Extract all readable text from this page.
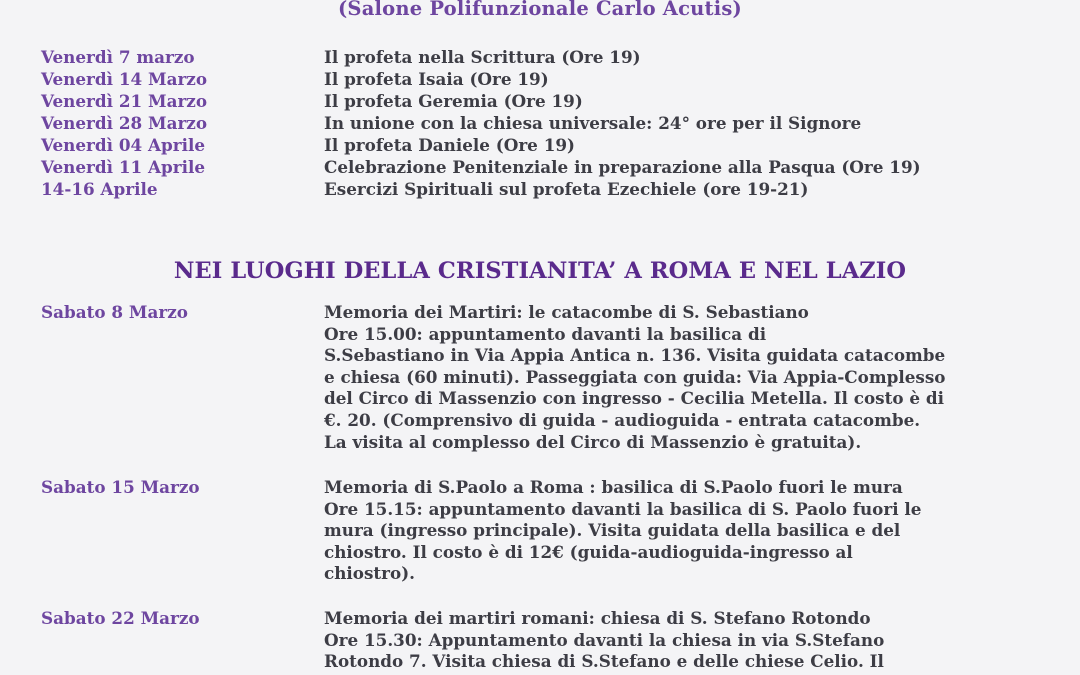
(Salone Polifunzionale Carlo Acutis)
Venerdì 7 marzo	Il profeta nella Scrittura (Ore 19)
Venerdì 14 Marzo	Il profeta Isaia (Ore 19)
Venerdì 21 Marzo	Il profeta Geremia (Ore 19)
Venerdì 28 Marzo	In unione con la chiesa universale: 24° ore per il Signore
Venerdì 04 Aprile	Il profeta Daniele (Ore 19)
Venerdì 11 Aprile	Celebrazione Penitenziale in preparazione alla Pasqua (Ore 19)
14-16 Aprile	Esercizi Spirituali sul profeta Ezechiele (ore 19-21)
NEI LUOGHI DELLA CRISTIANITA’ A ROMA E NEL LAZIO
Sabato 8 Marzo	Memoria dei Martiri: le catacombe di S. Sebastiano
Ore 15.00: appuntamento davanti la basilica di
S.Sebastiano in Via Appia Antica n. 136. Visita guidata catacombe
e chiesa (60 minuti). Passeggiata con guida: Via Appia-Complesso
del Circo di Massenzio con ingresso - Cecilia Metella. Il costo è di
€. 20. (Comprensivo di guida - audioguida - entrata catacombe.
La visita al complesso del Circo di Massenzio è gratuita).
Sabato 15 Marzo	Memoria di S.Paolo a Roma : basilica di S.Paolo fuori le mura
Ore 15.15: appuntamento davanti la basilica di S. Paolo fuori le
mura (ingresso principale). Visita guidata della basilica e del
chiostro. Il costo è di 12€ (guida-audioguida-ingresso al
chiostro).
Sabato 22 Marzo	Memoria dei martiri romani: chiesa di S. Stefano Rotondo
Ore 15.30: Appuntamento davanti la chiesa in via S.Stefano
Rotondo 7. Visita chiesa di S.Stefano e delle chiese Celio. Il
